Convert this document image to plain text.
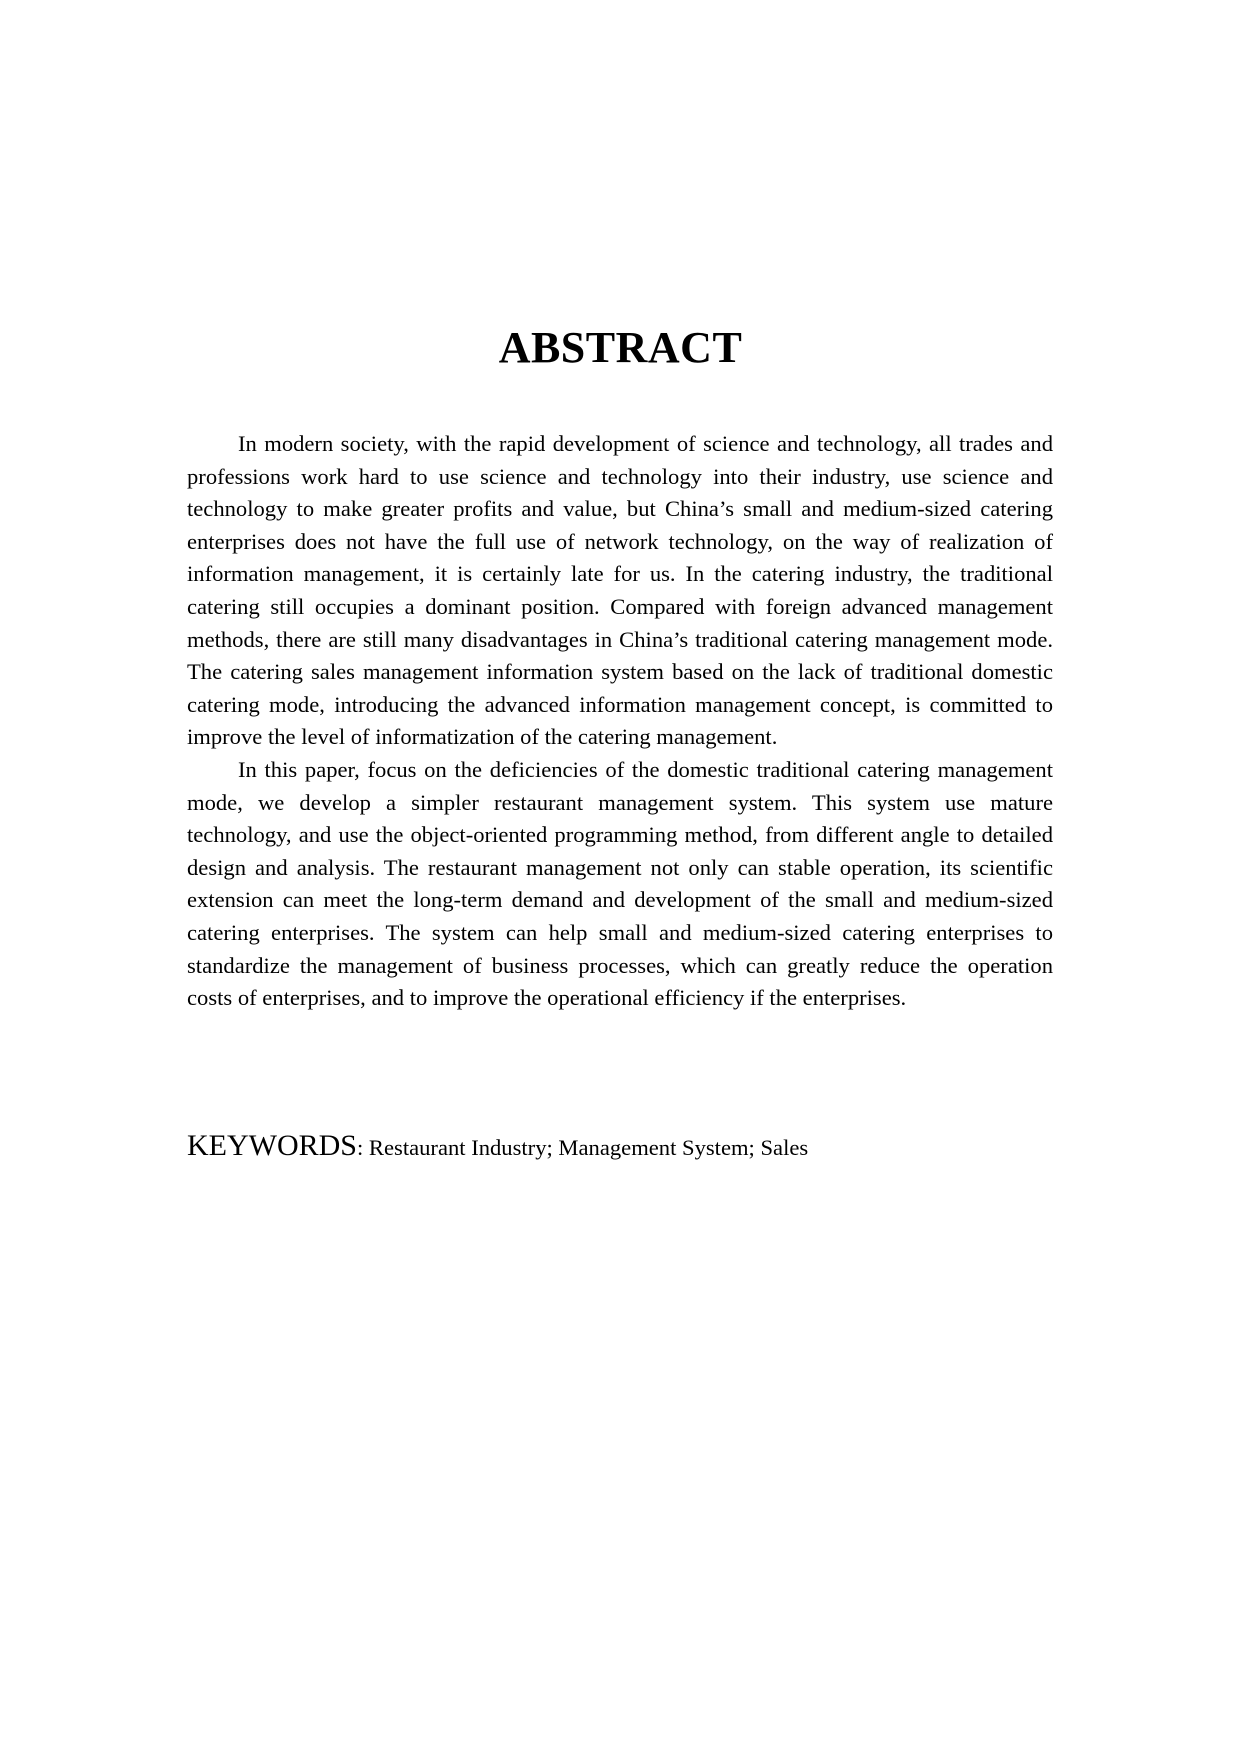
ABSTRACT

In modern society, with the rapid development of science and technology, all trades and professions work hard to use science and technology into their industry, use science and technology to make greater profits and value, but China’s small and medium-sized catering enterprises does not have the full use of network technology, on the way of realization of information management, it is certainly late for us. In the catering industry, the traditional catering still occupies a dominant position. Compared with foreign advanced management methods, there are still many disadvantages in China’s traditional catering management mode. The catering sales management information system based on the lack of traditional domestic catering mode, introducing the advanced information management concept, is committed to improve the level of informatization of the catering management.

In this paper, focus on the deficiencies of the domestic traditional catering management mode, we develop a simpler restaurant management system. This system use mature technology, and use the object-oriented programming method, from different angle to detailed design and analysis. The restaurant management not only can stable operation, its scientific extension can meet the long-term demand and development of the small and medium-sized catering enterprises. The system can help small and medium-sized catering enterprises to standardize the management of business processes, which can greatly reduce the operation costs of enterprises, and to improve the operational efficiency if the enterprises.

KEYWORDS: Restaurant Industry; Management System; Sales
